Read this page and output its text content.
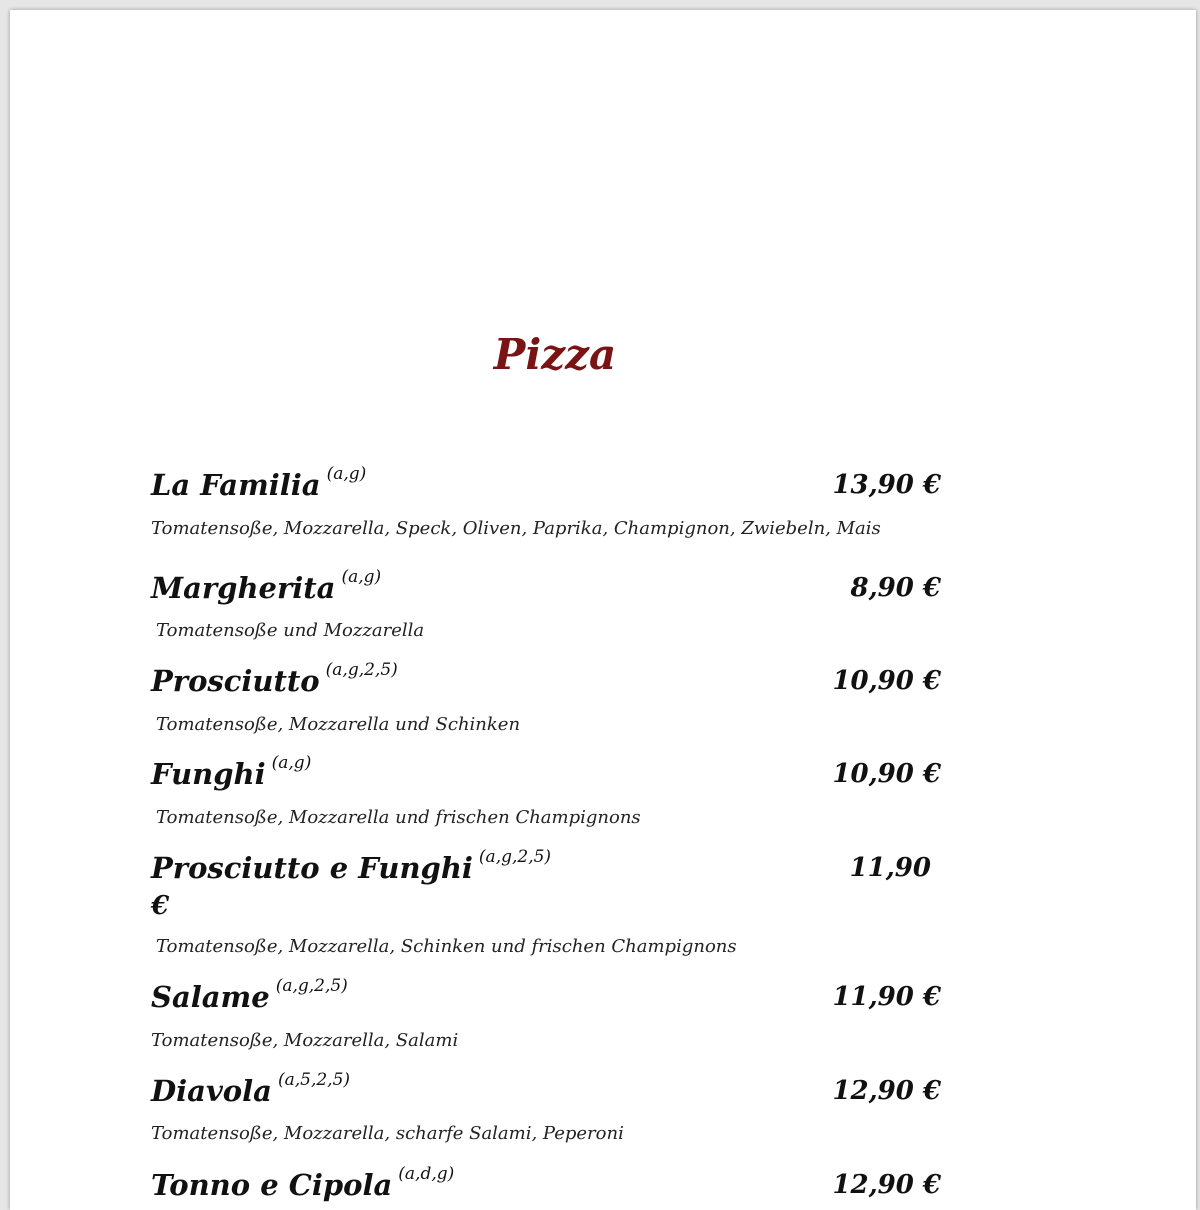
Pizza
La Familia $^{(a,g)}$	13,90 €
Tomatensoße, Mozzarella, Speck, Oliven, Paprika, Champignon, Zwiebeln, Mais
Margherita $^{(a,g)}$	8,90 €
Tomatensoße und Mozzarella
Prosciutto $^{(a,g,2,5)}$	10,90 €
Tomatensoße, Mozzarella und Schinken
Funghi $^{(a,g)}$	10,90 €
Tomatensoße, Mozzarella und frischen Champignons
Prosciutto e Funghi $^{(a,g,2,5)}$	11,90
€
Tomatensoße, Mozzarella, Schinken und frischen Champignons
Salame $^{(a,g,2,5)}$	11,90 €
Tomatensoße, Mozzarella, Salami
Diavola $^{(a,5,2,5)}$	12,90 €
Tomatensoße, Mozzarella, scharfe Salami, Peperoni
Tonno e Cipola $^{(a,d,g)}$	12,90 €
